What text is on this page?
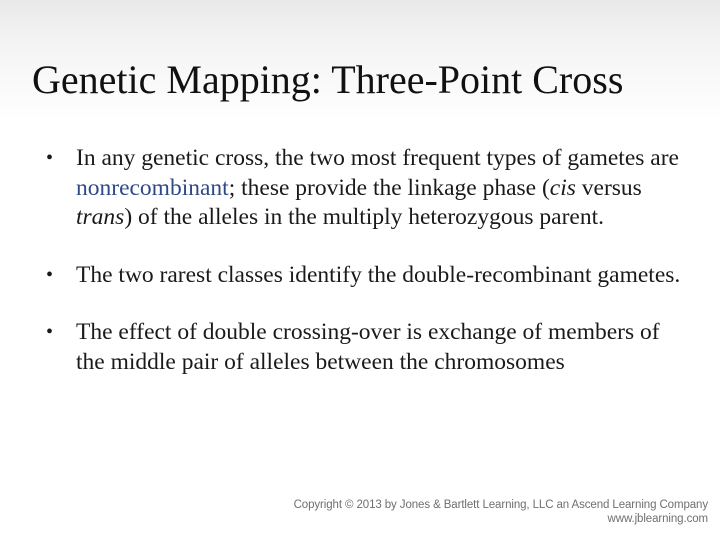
Genetic Mapping: Three-Point Cross
• In any genetic cross, the two most frequent types of gametes are nonrecombinant; these provide the linkage phase (cis versus trans) of the alleles in the multiply heterozygous parent.
• The two rarest classes identify the double-recombinant gametes.
• The effect of double crossing-over is exchange of members of the middle pair of alleles between the chromosomes
Copyright © 2013 by Jones & Bartlett Learning, LLC an Ascend Learning Company
www.jblearning.com
